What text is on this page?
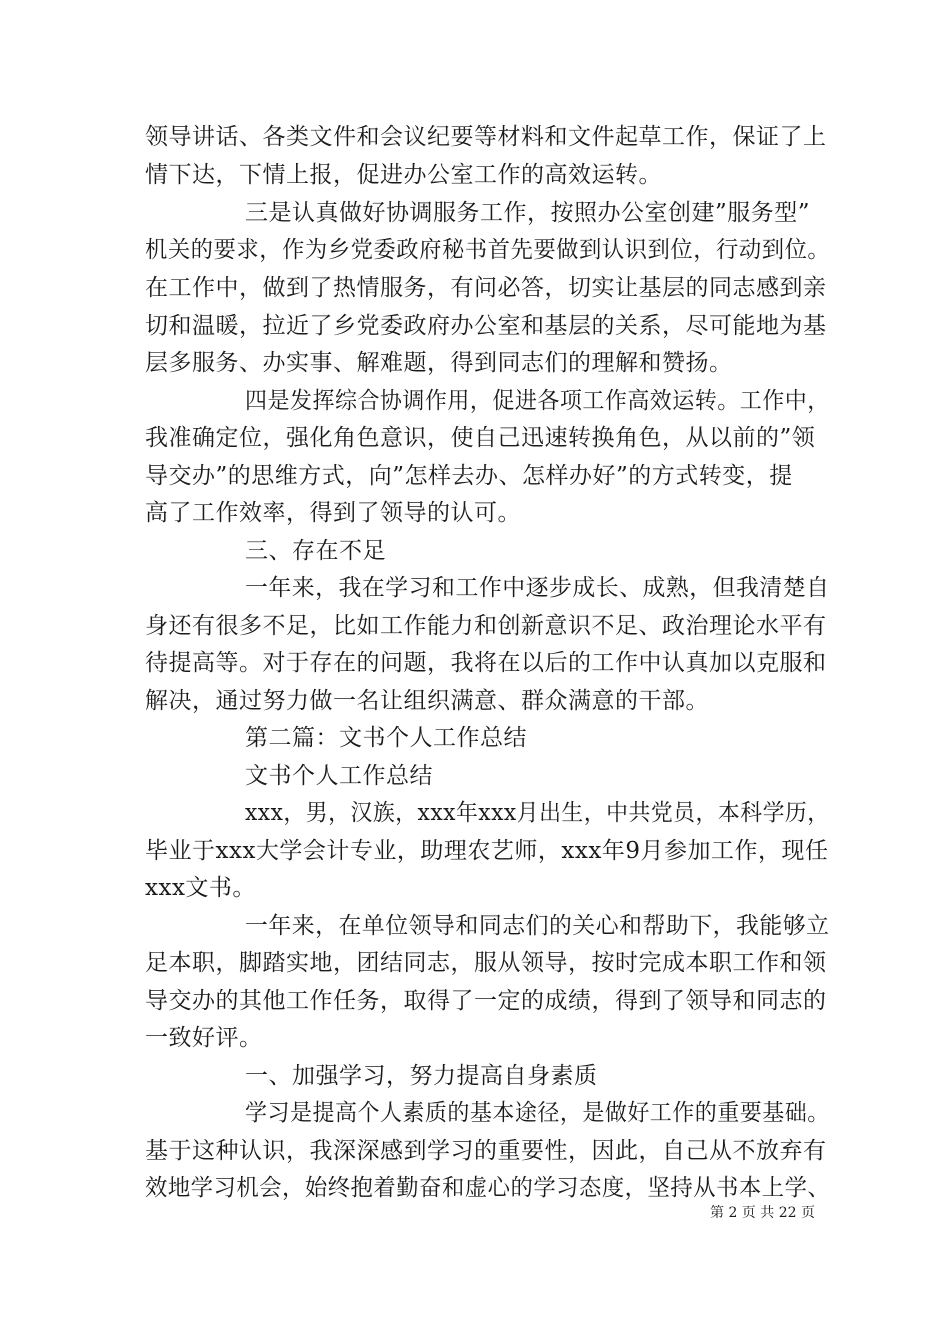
领导讲话、各类文件和会议纪要等材料和文件起草工作，保证了上
情下达，下情上报，促进办公室工作的高效运转。
三是认真做好协调服务工作，按照办公室创建”服务型”
机关的要求，作为乡党委政府秘书首先要做到认识到位，行动到位。
在工作中，做到了热情服务，有问必答，切实让基层的同志感到亲
切和温暖，拉近了乡党委政府办公室和基层的关系，尽可能地为基
层多服务、办实事、解难题，得到同志们的理解和赞扬。
四是发挥综合协调作用，促进各项工作高效运转。工作中，
我准确定位，强化角色意识，使自己迅速转换角色，从以前的”领
导交办”的思维方式，向”怎样去办、怎样办好”的方式转变，提
高了工作效率，得到了领导的认可。
三、存在不足
一年来，我在学习和工作中逐步成长、成熟，但我清楚自
身还有很多不足，比如工作能力和创新意识不足、政治理论水平有
待提高等。对于存在的问题，我将在以后的工作中认真加以克服和
解决，通过努力做一名让组织满意、群众满意的干部。
第二篇：文书个人工作总结
文书个人工作总结
xxx，男，汉族，xxx年xxx月出生，中共党员，本科学历，
毕业于xxx大学会计专业，助理农艺师，xxx年9月参加工作，现任
xxx文书。
一年来，在单位领导和同志们的关心和帮助下，我能够立
足本职，脚踏实地，团结同志，服从领导，按时完成本职工作和领
导交办的其他工作任务，取得了一定的成绩，得到了领导和同志的
一致好评。
一、加强学习，努力提高自身素质
学习是提高个人素质的基本途径，是做好工作的重要基础。
基于这种认识，我深深感到学习的重要性，因此，自己从不放弃有
效地学习机会，始终抱着勤奋和虚心的学习态度，坚持从书本上学、
第 2 页 共 22 页
